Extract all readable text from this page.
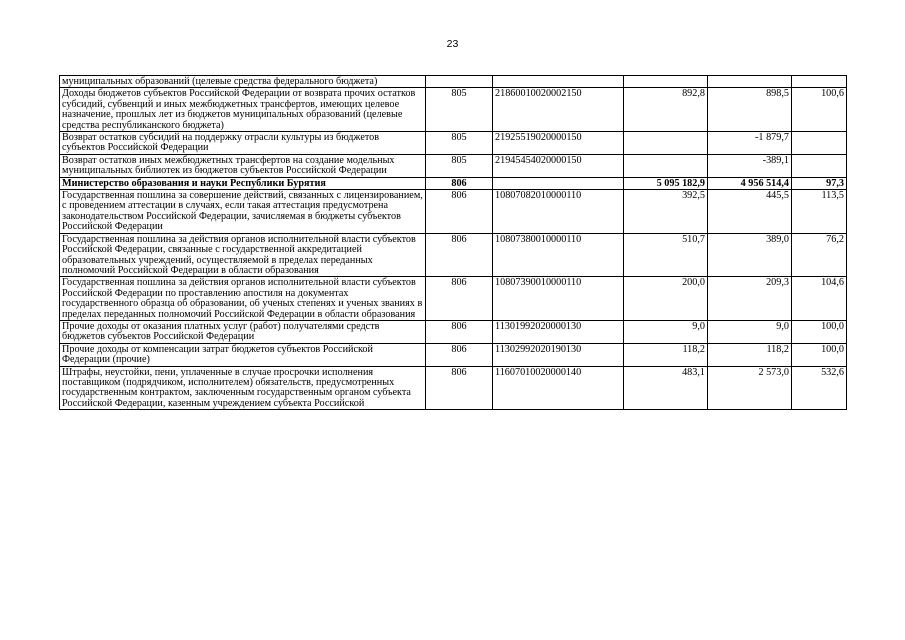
23
муниципальных образований (целевые средства федерального бюджета)					
Доходы бюджетов субъектов Российской Федерации от возврата прочих остатков субсидий, субвенций и иных межбюджетных трансфертов, имеющих целевое назначение, прошлых лет из бюджетов муниципальных образований (целевые средства республиканского бюджета)	805	21860010020002150	892,8	898,5	100,6
Возврат остатков субсидий на поддержку отрасли культуры из бюджетов субъектов Российской Федерации	805	21925519020000150		-1 879,7	
Возврат остатков иных межбюджетных трансфертов на создание модельных муниципальных библиотек из бюджетов субъектов Российской Федерации	805	21945454020000150		-389,1	
Министерство образования и науки Республики Бурятия	806		5 095 182,9	4 956 514,4	97,3
Государственная пошлина за совершение действий, связанных с лицензированием, с проведением аттестации в случаях, если такая аттестация предусмотрена законодательством Российской Федерации, зачисляемая в бюджеты субъектов Российской Федерации	806	10807082010000110	392,5	445,5	113,5
Государственная пошлина за действия органов исполнительной власти субъектов Российской Федерации, связанные с государственной аккредитацией образовательных учреждений, осуществляемой в пределах переданных полномочий Российской Федерации в области образования	806	10807380010000110	510,7	389,0	76,2
Государственная пошлина за действия органов исполнительной власти субъектов Российской Федерации по проставлению апостиля на документах государственного образца об образовании, об ученых степенях и ученых званиях в пределах переданных полномочий Российской Федерации в области образования	806	10807390010000110	200,0	209,3	104,6
Прочие доходы от оказания платных услуг (работ) получателями средств бюджетов субъектов Российской Федерации	806	11301992020000130	9,0	9,0	100,0
Прочие доходы от компенсации затрат бюджетов субъектов Российской Федерации (прочие)	806	11302992020190130	118,2	118,2	100,0
Штрафы, неустойки, пени, уплаченные в случае просрочки исполнения поставщиком (подрядчиком, исполнителем) обязательств, предусмотренных государственным контрактом, заключенным государственным органом субъекта Российской Федерации, казенным учреждением субъекта Российской	806	11607010020000140	483,1	2 573,0	532,6
